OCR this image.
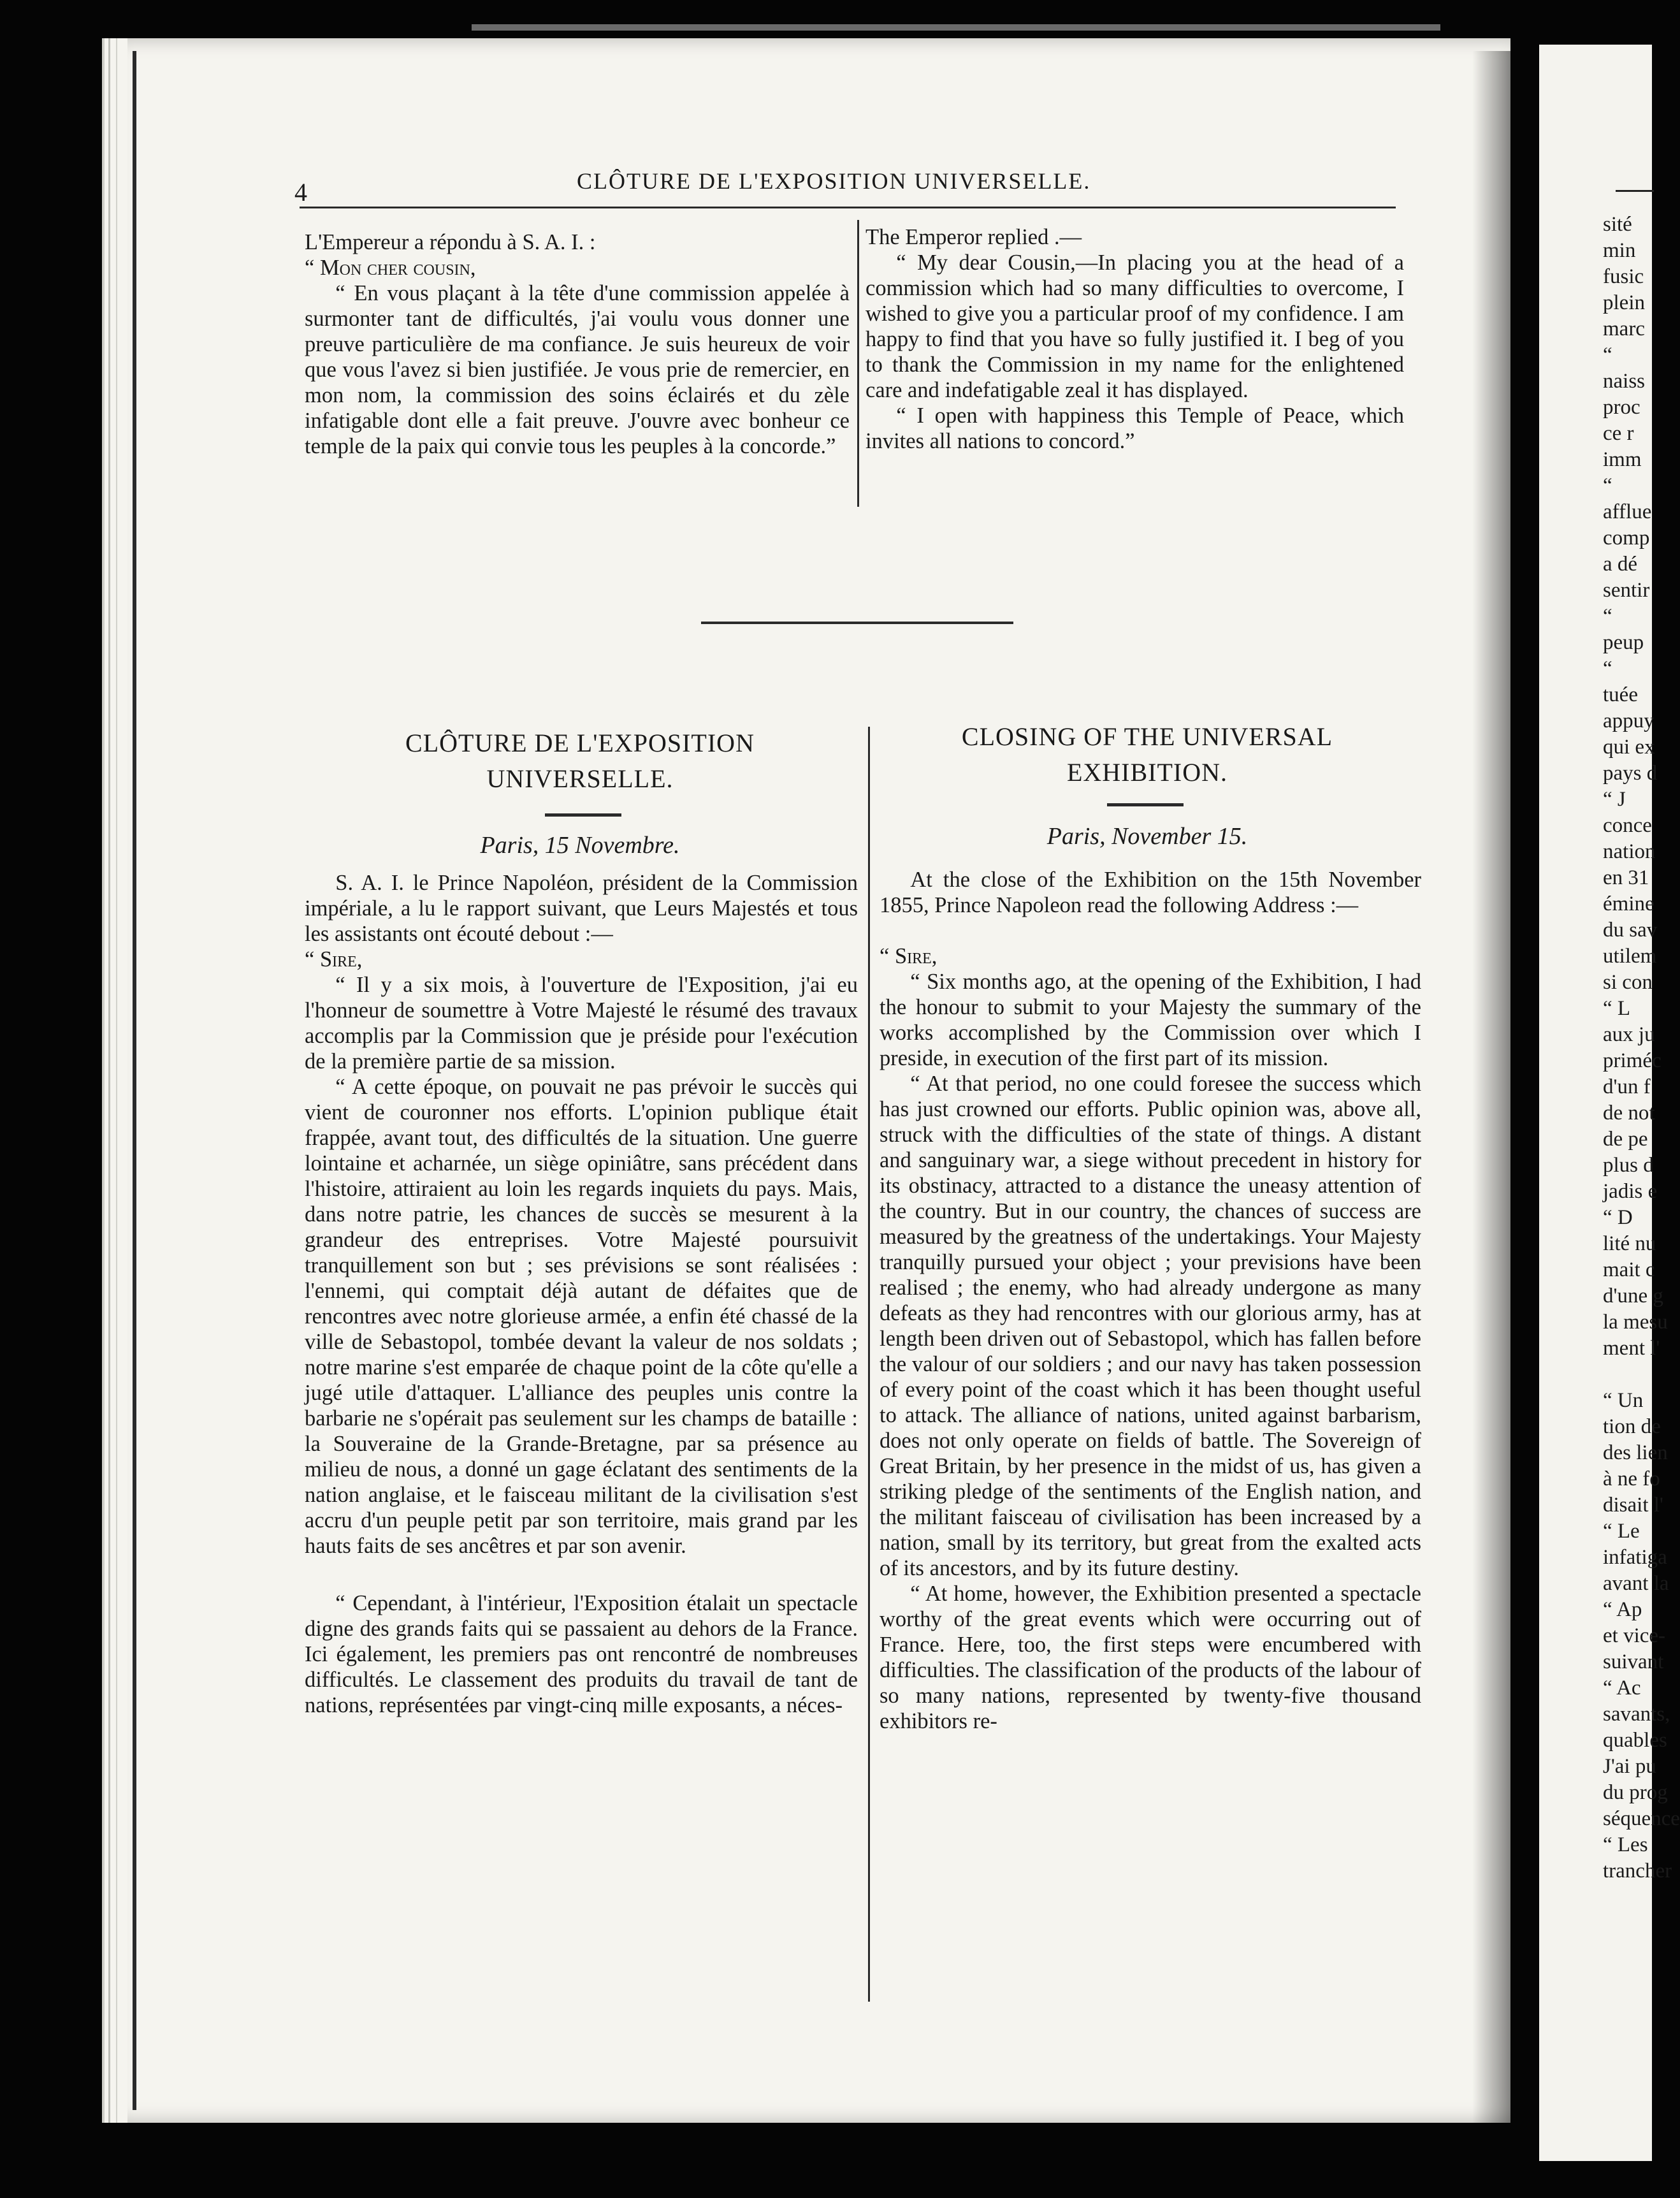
sité
min
fusic
plein
marc
“
naiss
proc
ce r
imm
“
afflue
comp
a dé
sentir
“
peup
“
tuée
appuy
qui ex
pays d
“ J
conce
nation
en 31
émine
du sav
utilem
si con
“ L
aux ju
priméc
d'un f
de not
de pe
plus d
jadis e
“ D
lité nu
mait c
d'une g
la mesu
ment l'
“ Un
tion de
des lien
à ne fo
disait l'
“ Le
infatiga
avant la
“ Ap
et vice-
suivant
“ Ac
savants,
quables
J'ai pu
du prog
séquence
“ Les
trancher
4	CLÔTURE DE L'EXPOSITION UNIVERSELLE.

L'Empereur a répondu à S. A. I. :

“ Mon cher cousin,

“ En vous plaçant à la tête d'une commission appelée à surmonter tant de difficultés, j'ai voulu vous donner une preuve particulière de ma confiance. Je suis heureux de voir que vous l'avez si bien justifiée. Je vous prie de remercier, en mon nom, la commission des soins éclairés et du zèle infatigable dont elle a fait preuve. J'ouvre avec bonheur ce temple de la paix qui convie tous les peuples à la concorde.”

The Emperor replied .—

“ My dear Cousin,—In placing you at the head of a commission which had so many difficulties to overcome, I wished to give you a particular proof of my confidence. I am happy to find that you have so fully justified it. I beg of you to thank the Commission in my name for the enlightened care and indefatigable zeal it has displayed.

“ I open with happiness this Temple of Peace, which invites all nations to concord.”

CLÔTURE DE L'EXPOSITION
UNIVERSELLE.
Paris, 15 Novembre.
CLOSING OF THE UNIVERSAL
EXHIBITION.
Paris, November 15.

S. A. I. le Prince Napoléon, président de la Commission impériale, a lu le rapport suivant, que Leurs Majestés et tous les assistants ont écouté debout :—

“ Sire,

“ Il y a six mois, à l'ouverture de l'Exposition, j'ai eu l'honneur de soumettre à Votre Majesté le résumé des travaux accomplis par la Commission que je préside pour l'exécution de la première partie de sa mission.

“ A cette époque, on pouvait ne pas prévoir le succès qui vient de couronner nos efforts. L'opinion publique était frappée, avant tout, des difficultés de la situation. Une guerre lointaine et acharnée, un siège opiniâtre, sans précédent dans l'histoire, attiraient au loin les regards inquiets du pays. Mais, dans notre patrie, les chances de succès se mesurent à la grandeur des entreprises. Votre Majesté poursuivit tranquillement son but ; ses prévisions se sont réalisées : l'ennemi, qui comptait déjà autant de défaites que de rencontres avec notre glorieuse armée, a enfin été chassé de la ville de Sebastopol, tombée devant la valeur de nos soldats ; notre marine s'est emparée de chaque point de la côte qu'elle a jugé utile d'attaquer. L'alliance des peuples unis contre la barbarie ne s'opérait pas seulement sur les champs de bataille : la Souveraine de la Grande-Bretagne, par sa présence au milieu de nous, a donné un gage éclatant des sentiments de la nation anglaise, et le faisceau militant de la civilisation s'est accru d'un peuple petit par son territoire, mais grand par les hauts faits de ses ancêtres et par son avenir.

“ Cependant, à l'intérieur, l'Exposition étalait un spectacle digne des grands faits qui se passaient au dehors de la France. Ici également, les premiers pas ont rencontré de nombreuses difficultés. Le classement des produits du travail de tant de nations, représentées par vingt-cinq mille exposants, a néces-

At the close of the Exhibition on the 15th November 1855, Prince Napoleon read the following Address :—

“ Sire,

“ Six months ago, at the opening of the Exhibition, I had the honour to submit to your Majesty the summary of the works accomplished by the Commission over which I preside, in execution of the first part of its mission.

“ At that period, no one could foresee the success which has just crowned our efforts. Public opinion was, above all, struck with the difficulties of the state of things. A distant and sanguinary war, a siege without precedent in history for its obstinacy, attracted to a distance the uneasy attention of the country. But in our country, the chances of success are measured by the greatness of the undertakings. Your Majesty tranquilly pursued your object ; your previsions have been realised ; the enemy, who had already undergone as many defeats as they had rencontres with our glorious army, has at length been driven out of Sebastopol, which has fallen before the valour of our soldiers ; and our navy has taken possession of every point of the coast which it has been thought useful to attack. The alliance of nations, united against barbarism, does not only operate on fields of battle. The Sovereign of Great Britain, by her presence in the midst of us, has given a striking pledge of the sentiments of the English nation, and the militant faisceau of civilisation has been increased by a nation, small by its territory, but great from the exalted acts of its ancestors, and by its future destiny.

“ At home, however, the Exhibition presented a spectacle worthy of the great events which were occurring out of France. Here, too, the first steps were encumbered with difficulties. The classification of the products of the labour of so many nations, represented by twenty-five thousand exhibitors re-
